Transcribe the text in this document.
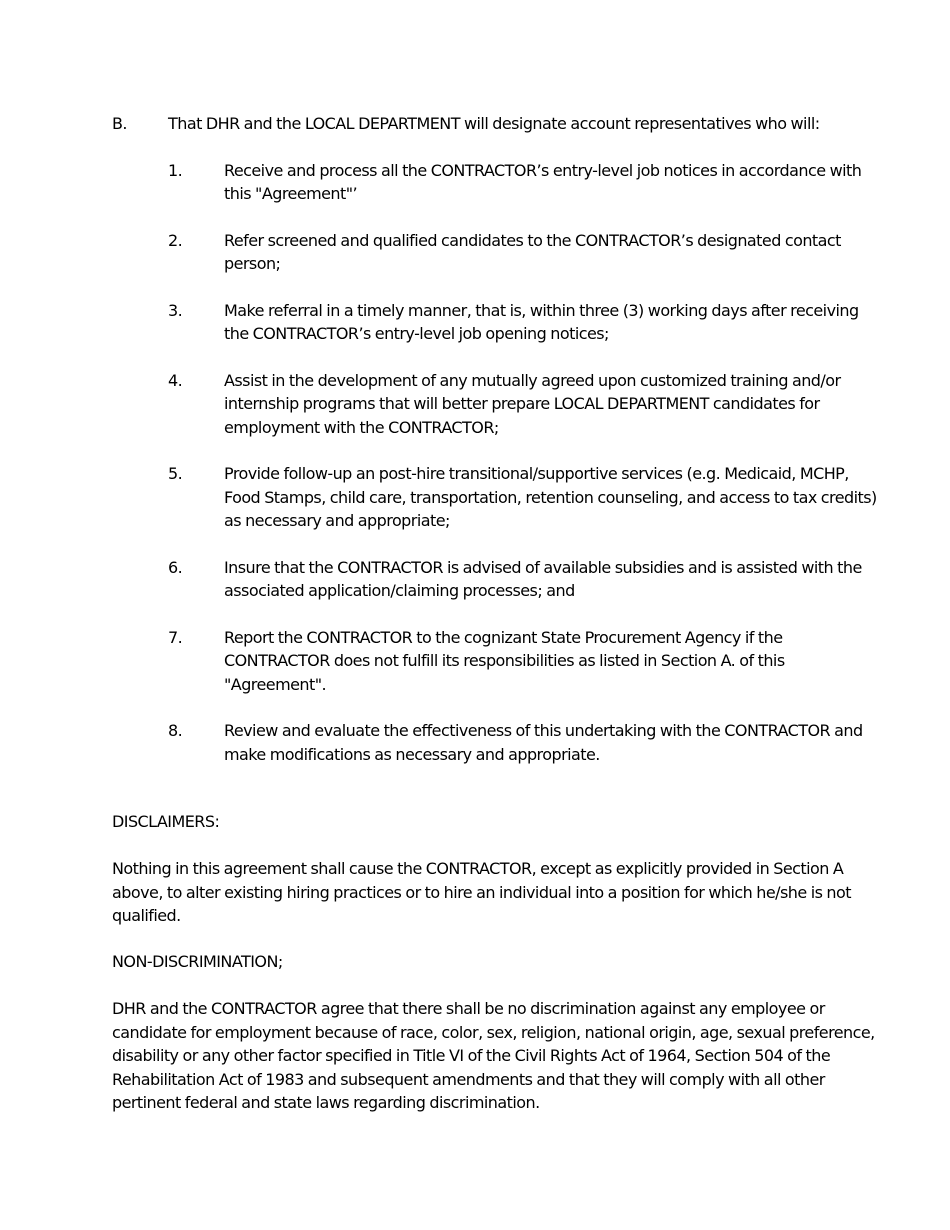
B.	That DHR and the LOCAL DEPARTMENT will designate account representatives who will:
1.	Receive and process all the CONTRACTOR’s entry-level job notices in accordance with this "Agreement"’
2.	Refer screened and qualified candidates to the CONTRACTOR’s designated contact person;
3.	Make referral in a timely manner, that is, within three (3) working days after receiving the CONTRACTOR’s entry-level job opening notices;
4.	Assist in the development of any mutually agreed upon customized training and/or internship programs that will better prepare LOCAL DEPARTMENT candidates for employment with the CONTRACTOR;
5.	Provide follow-up an post-hire transitional/supportive services (e.g. Medicaid, MCHP, Food Stamps, child care, transportation, retention counseling, and access to tax credits) as necessary and appropriate;
6.	Insure that the CONTRACTOR is advised of available subsidies and is assisted with the associated application/claiming processes; and
7.	Report the CONTRACTOR to the cognizant State Procurement Agency if the CONTRACTOR does not fulfill its responsibilities as listed in Section A. of this "Agreement".
8.	Review and evaluate the effectiveness of this undertaking with the CONTRACTOR and make modifications as necessary and appropriate.

DISCLAIMERS:

Nothing in this agreement shall cause the CONTRACTOR, except as explicitly provided in Section A above, to alter existing hiring practices or to hire an individual into a position for which he/she is not qualified.

NON-DISCRIMINATION;

DHR and the CONTRACTOR agree that there shall be no discrimination against any employee or candidate for employment because of race, color, sex, religion, national origin, age, sexual preference, disability or any other factor specified in Title VI of the Civil Rights Act of 1964, Section 504 of the Rehabilitation Act of 1983 and subsequent amendments and that they will comply with all other pertinent federal and state laws regarding discrimination.
